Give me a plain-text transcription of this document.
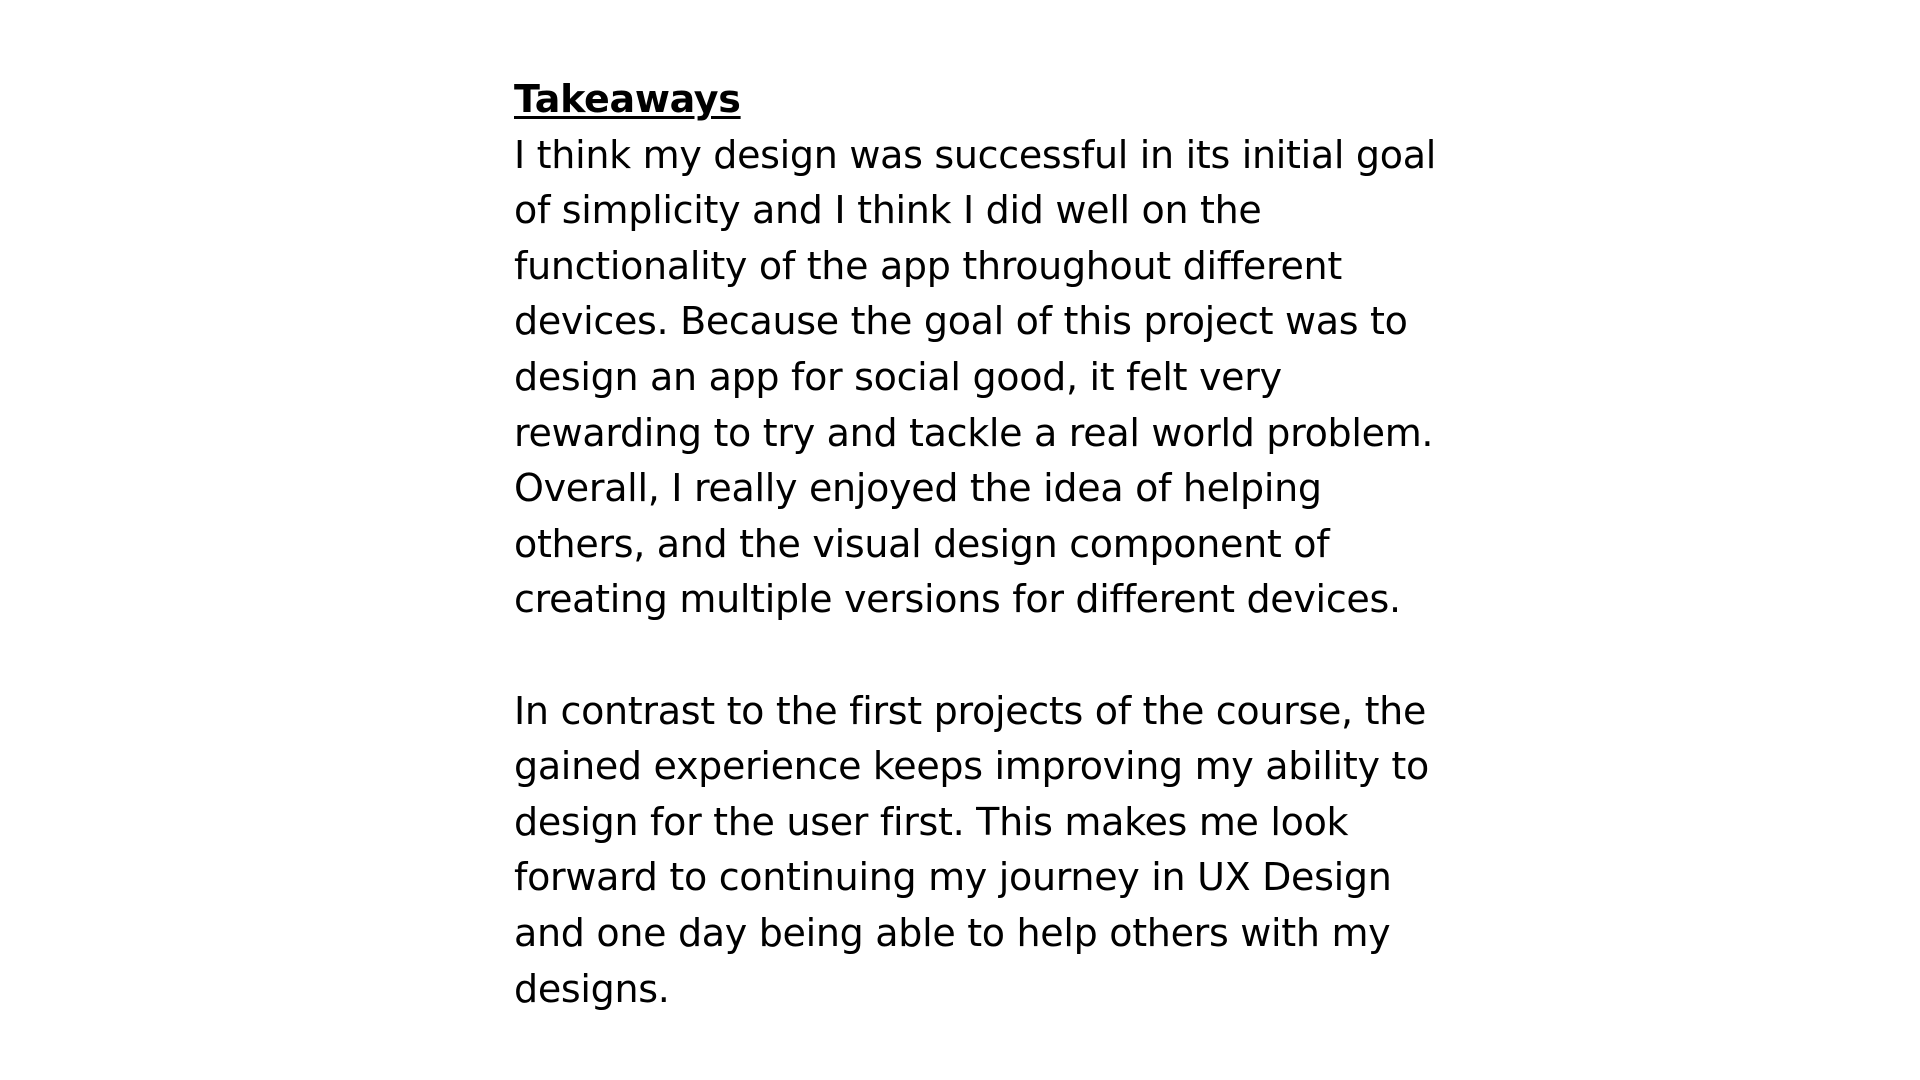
Takeaways
I think my design was successful in its initial goal
of simplicity and I think I did well on the
functionality of the app throughout different
devices. Because the goal of this project was to
design an app for social good, it felt very
rewarding to try and tackle a real world problem.
Overall, I really enjoyed the idea of helping
others, and the visual design component of
creating multiple versions for different devices.
In contrast to the first projects of the course, the
gained experience keeps improving my ability to
design for the user first. This makes me look
forward to continuing my journey in UX Design
and one day being able to help others with my
designs.
